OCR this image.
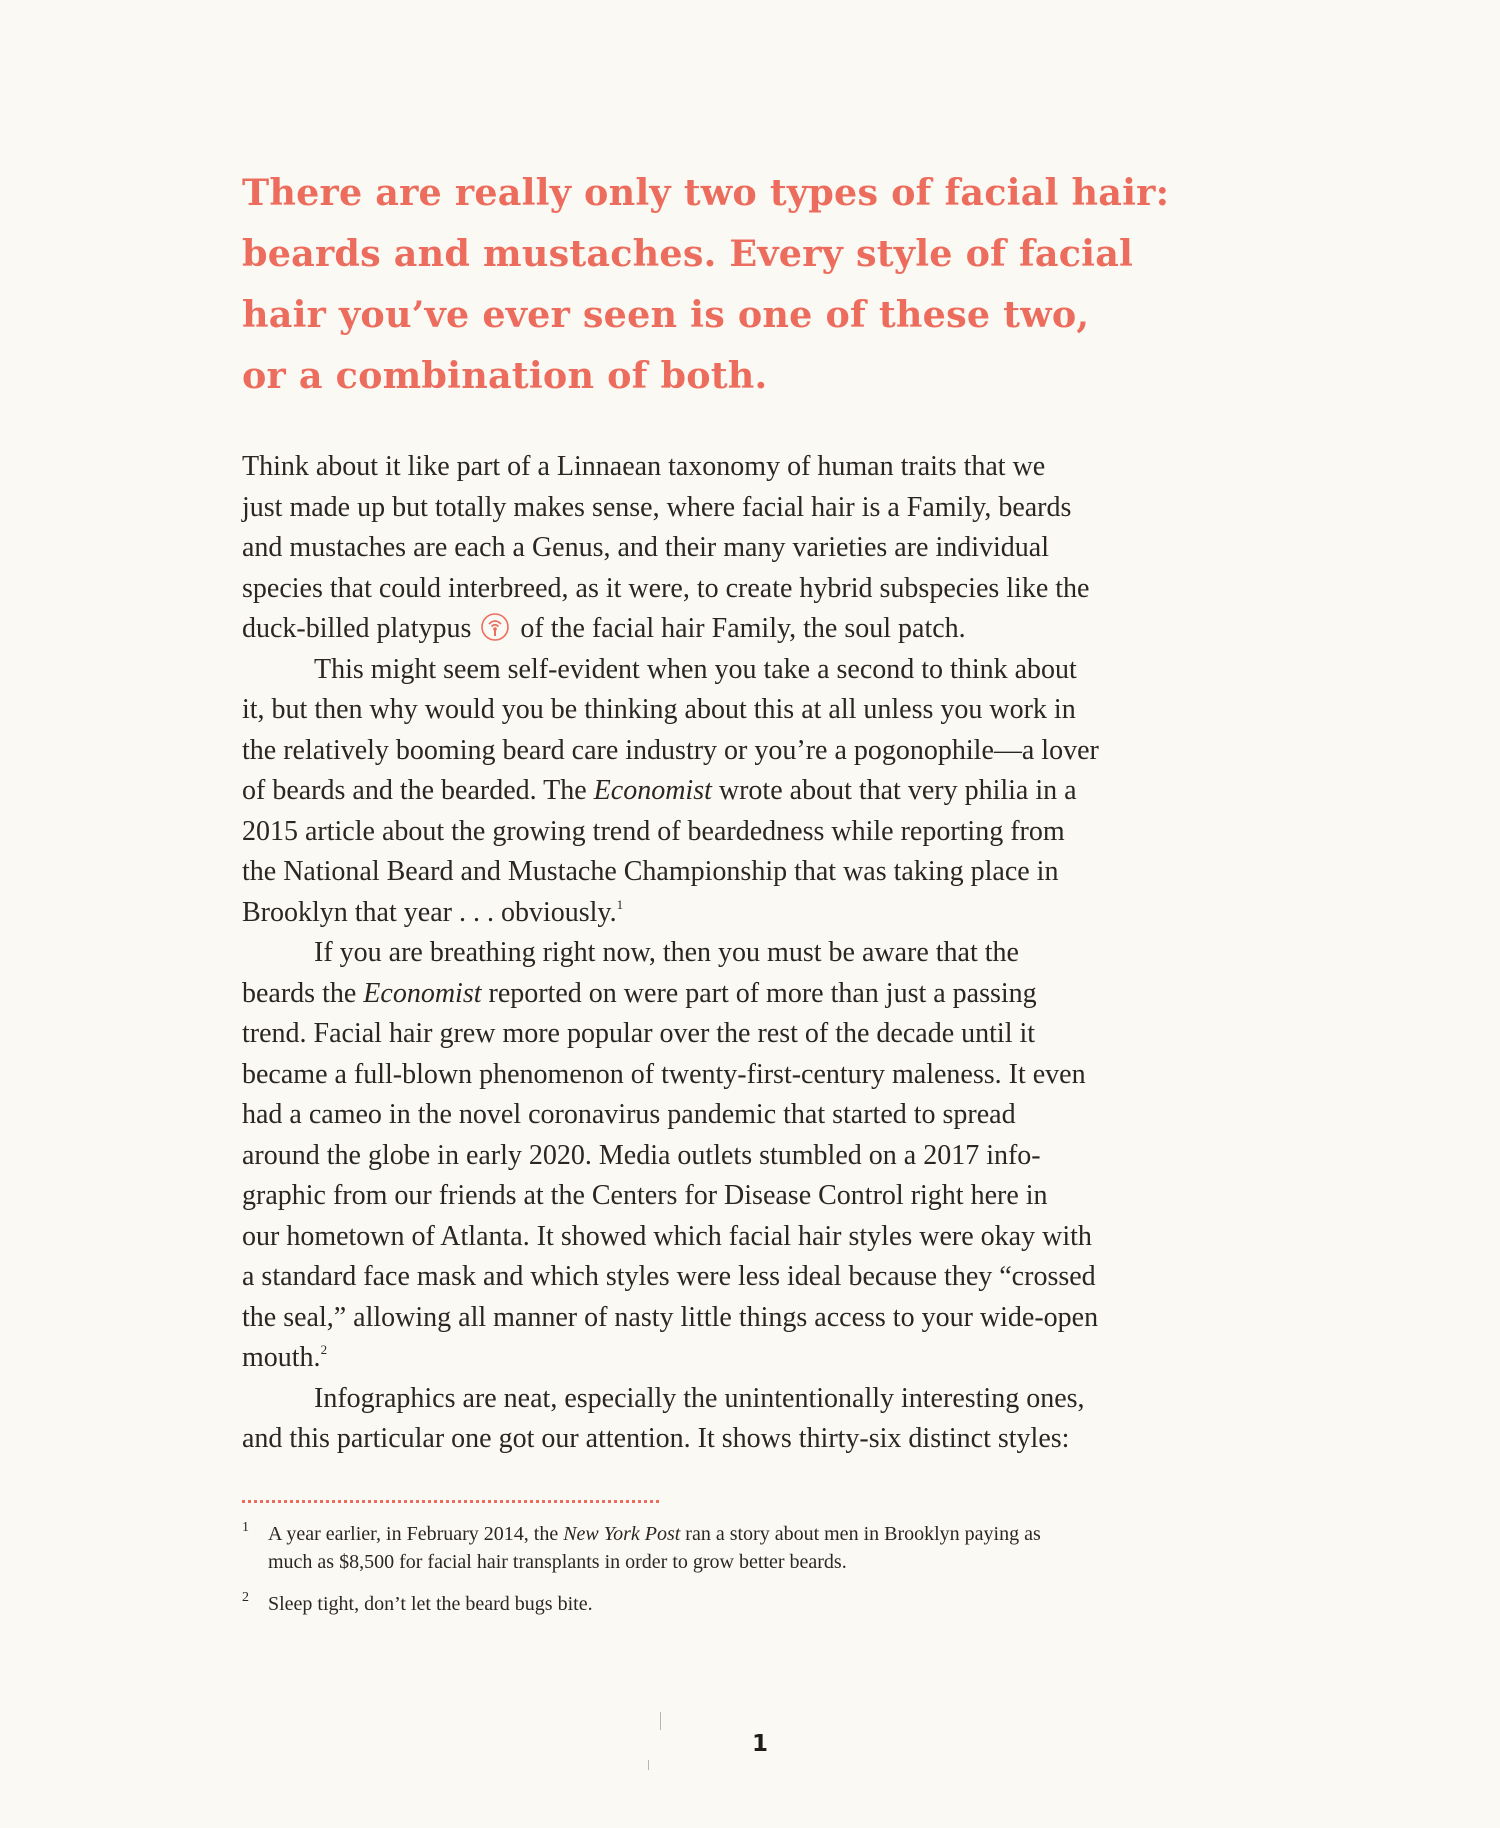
There are really only two types of facial hair:
beards and mustaches. Every style of facial
hair you’ve ever seen is one of these two,
or a combination of both.
Think about it like part of a Linnaean taxonomy of human traits that we
just made up but totally makes sense, where facial hair is a Family, beards
and mustaches are each a Genus, and their many varieties are individual
species that could interbreed, as it were, to create hybrid subspecies like the
duck-billed platypus of the facial hair Family, the soul patch.
This might seem self-evident when you take a second to think about
it, but then why would you be thinking about this at all unless you work in
the relatively booming beard care industry or you’re a pogonophile—a lover
of beards and the bearded. The Economist wrote about that very philia in a
2015 article about the growing trend of beardedness while reporting from
the National Beard and Mustache Championship that was taking place in
Brooklyn that year . . . obviously.$^1$
If you are breathing right now, then you must be aware that the
beards the Economist reported on were part of more than just a passing
trend. Facial hair grew more popular over the rest of the decade until it
became a full-blown phenomenon of twenty-first-century maleness. It even
had a cameo in the novel coronavirus pandemic that started to spread
around the globe in early 2020. Media outlets stumbled on a 2017 info-
graphic from our friends at the Centers for Disease Control right here in
our hometown of Atlanta. It showed which facial hair styles were okay with
a standard face mask and which styles were less ideal because they “crossed
the seal,” allowing all manner of nasty little things access to your wide-open
mouth.$^2$
Infographics are neat, especially the unintentionally interesting ones,
and this particular one got our attention. It shows thirty-six distinct styles:
1 A year earlier, in February 2014, the New York Post ran a story about men in Brooklyn paying as
much as $8,500 for facial hair transplants in order to grow better beards.
2 Sleep tight, don’t let the beard bugs bite.
1
